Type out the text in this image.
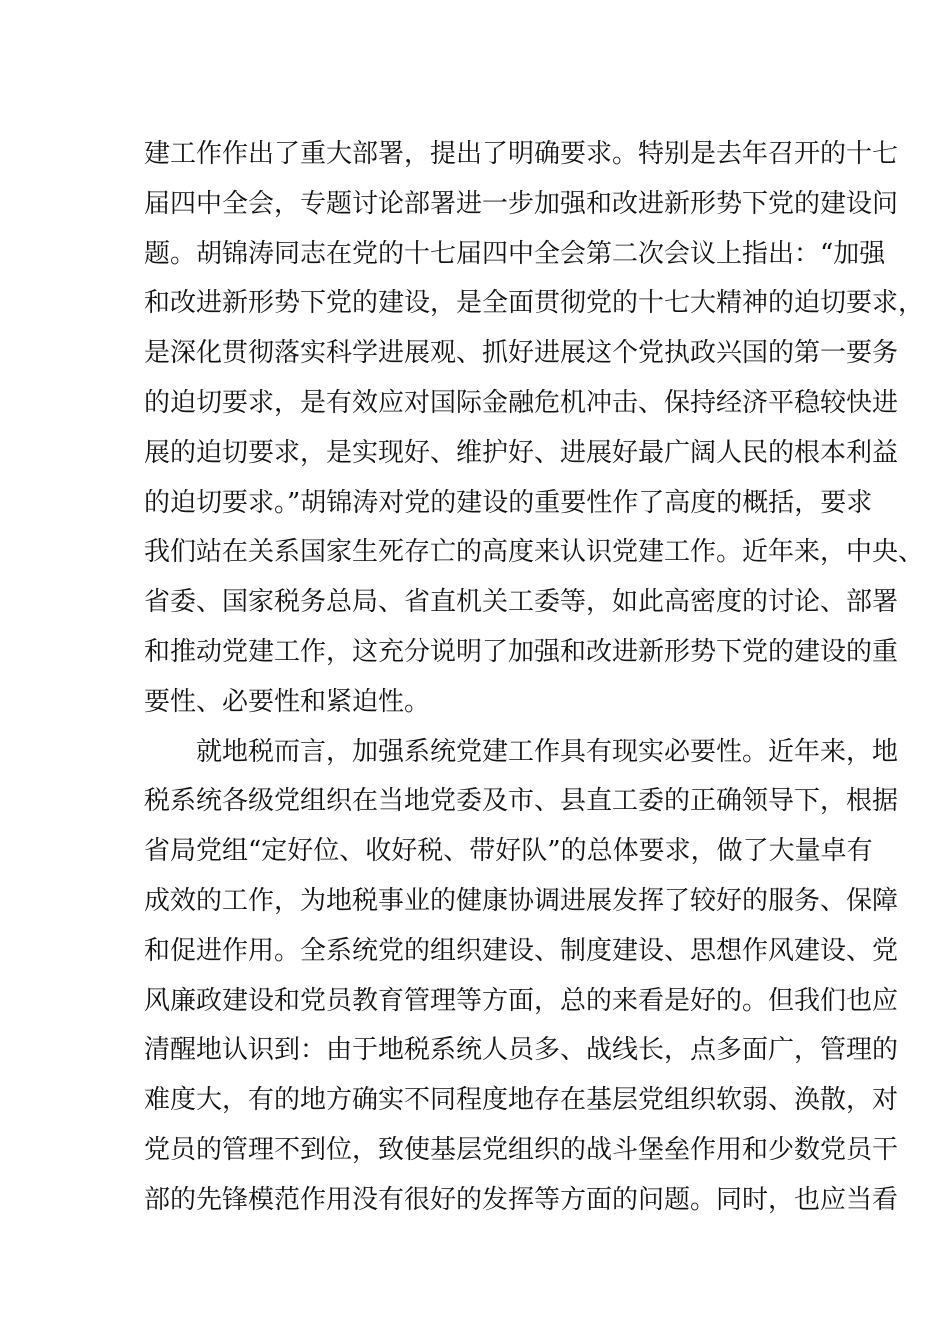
建工作作出了重大部署，提出了明确要求。特别是去年召开的十七
届四中全会，专题讨论部署进一步加强和改进新形势下党的建设问
题。胡锦涛同志在党的十七届四中全会第二次会议上指出：“加强
和改进新形势下党的建设，是全面贯彻党的十七大精神的迫切要求，
是深化贯彻落实科学进展观、抓好进展这个党执政兴国的第一要务
的迫切要求，是有效应对国际金融危机冲击、保持经济平稳较快进
展的迫切要求，是实现好、维护好、进展好最广阔人民的根本利益
的迫切要求。”胡锦涛对党的建设的重要性作了高度的概括，要求
我们站在关系国家生死存亡的高度来认识党建工作。近年来，中央、
省委、国家税务总局、省直机关工委等，如此高密度的讨论、部署
和推动党建工作，这充分说明了加强和改进新形势下党的建设的重
要性、必要性和紧迫性。
　　就地税而言，加强系统党建工作具有现实必要性。近年来，地
税系统各级党组织在当地党委及市、县直工委的正确领导下，根据
省局党组“定好位、收好税、带好队”的总体要求，做了大量卓有
成效的工作，为地税事业的健康协调进展发挥了较好的服务、保障
和促进作用。全系统党的组织建设、制度建设、思想作风建设、党
风廉政建设和党员教育管理等方面，总的来看是好的。但我们也应
清醒地认识到：由于地税系统人员多、战线长，点多面广，管理的
难度大，有的地方确实不同程度地存在基层党组织软弱、涣散，对
党员的管理不到位，致使基层党组织的战斗堡垒作用和少数党员干
部的先锋模范作用没有很好的发挥等方面的问题。同时，也应当看
